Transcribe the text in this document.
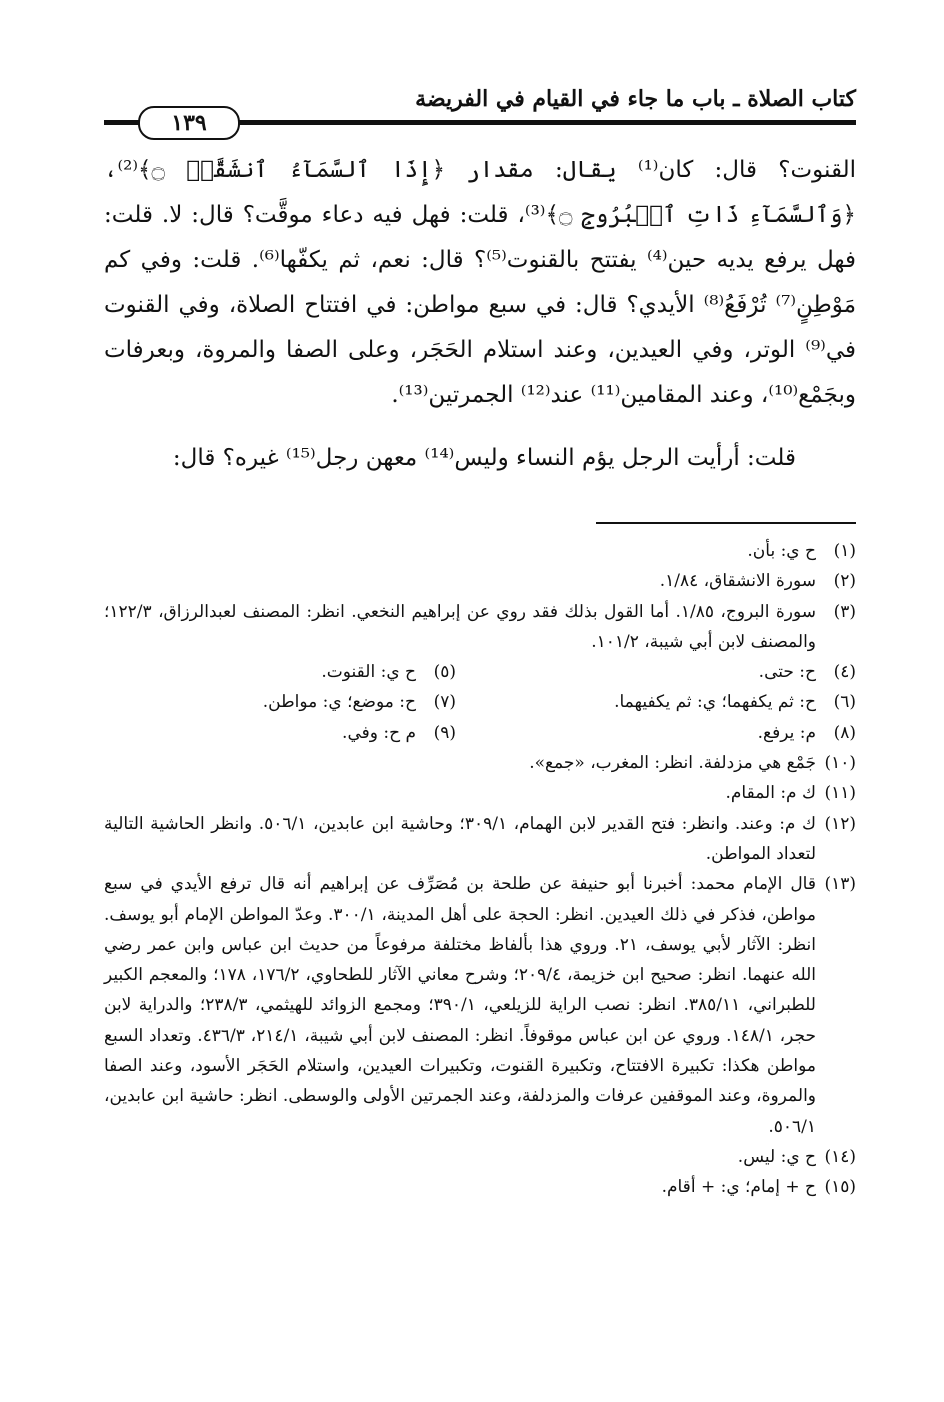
كتاب الصلاة ـ باب ما جاء في القيام في الفريضة
١٣٩

القنوت؟ قال: كان⁽¹⁾ يقال: مقدار ﴿إِذَا ٱلسَّمَآءُ ٱنشَقَّتۡ ۝﴾⁽²⁾، ﴿وَٱلسَّمَآءِ ذَاتِ ٱلۡبُرُوجِ ۝﴾⁽³⁾، قلت: فهل فيه دعاء موقَّت؟ قال: لا. قلت: فهل يرفع يديه حين⁽⁴⁾ يفتتح بالقنوت⁽⁵⁾؟ قال: نعم، ثم يكفّها⁽⁶⁾. قلت: وفي كم مَوْطِنٍ⁽⁷⁾ تُرْفَعُ⁽⁸⁾ الأيدي؟ قال: في سبع مواطن: في افتتاح الصلاة، وفي القنوت في⁽⁹⁾ الوتر، وفي العيدين، وعند استلام الحَجَر، وعلى الصفا والمروة، وبعرفات وبجَمْع⁽¹⁰⁾، وعند المقامين⁽¹¹⁾ عند⁽¹²⁾ الجمرتين⁽¹³⁾.

قلت: أرأيت الرجل يؤم النساء وليس⁽¹⁴⁾ معهن رجل⁽¹⁵⁾ غيره؟ قال:

(١)
ح ي: بأن.
(٢)
سورة الانشقاق، ١/٨٤.
(٣)
سورة البروج، ١/٨٥. أما القول بذلك فقد روي عن إبراهيم النخعي. انظر: المصنف لعبدالرزاق، ١٢٢/٣؛ والمصنف لابن أبي شيبة، ١٠١/٢.
(٤)
ح: حتى.
(٥)
ح ي: القنوت.
(٦)
ح: ثم يكفهما؛ ي: ثم يكفيهما.
(٧)
ح: موضع؛ ي: مواطن.
(٨)
م: يرفع.
(٩)
م ح: وفي.
(١٠)
جَمْع هي مزدلفة. انظر: المغرب، «جمع».
(١١)
ك م: المقام.
(١٢)
ك م: وعند. وانظر: فتح القدير لابن الهمام، ٣٠٩/١؛ وحاشية ابن عابدين، ٥٠٦/١. وانظر الحاشية التالية لتعداد المواطن.
(١٣)
قال الإمام محمد: أخبرنا أبو حنيفة عن طلحة بن مُصَرِّف عن إبراهيم أنه قال ترفع الأيدي في سبع مواطن، فذكر في ذلك العيدين. انظر: الحجة على أهل المدينة، ٣٠٠/١. وعدّ المواطن الإمام أبو يوسف. انظر: الآثار لأبي يوسف، ٢١. وروي هذا بألفاظ مختلفة مرفوعاً من حديث ابن عباس وابن عمر رضي الله عنهما. انظر: صحيح ابن خزيمة، ٢٠٩/٤؛ وشرح معاني الآثار للطحاوي، ١٧٦/٢، ١٧٨؛ والمعجم الكبير للطبراني، ٣٨٥/١١. انظر: نصب الراية للزيلعي، ٣٩٠/١؛ ومجمع الزوائد للهيثمي، ٢٣٨/٣؛ والدراية لابن حجر، ١٤٨/١. وروي عن ابن عباس موقوفاً. انظر: المصنف لابن أبي شيبة، ٢١٤/١، ٤٣٦/٣. وتعداد السبع مواطن هكذا: تكبيرة الافتتاح، وتكبيرة القنوت، وتكبيرات العيدين، واستلام الحَجَر الأسود، وعند الصفا والمروة، وعند الموقفين عرفات والمزدلفة، وعند الجمرتين الأولى والوسطى. انظر: حاشية ابن عابدين، ٥٠٦/١.
(١٤)
ح ي: ليس.
(١٥)
ح + إمام؛ ي: + أقام.
